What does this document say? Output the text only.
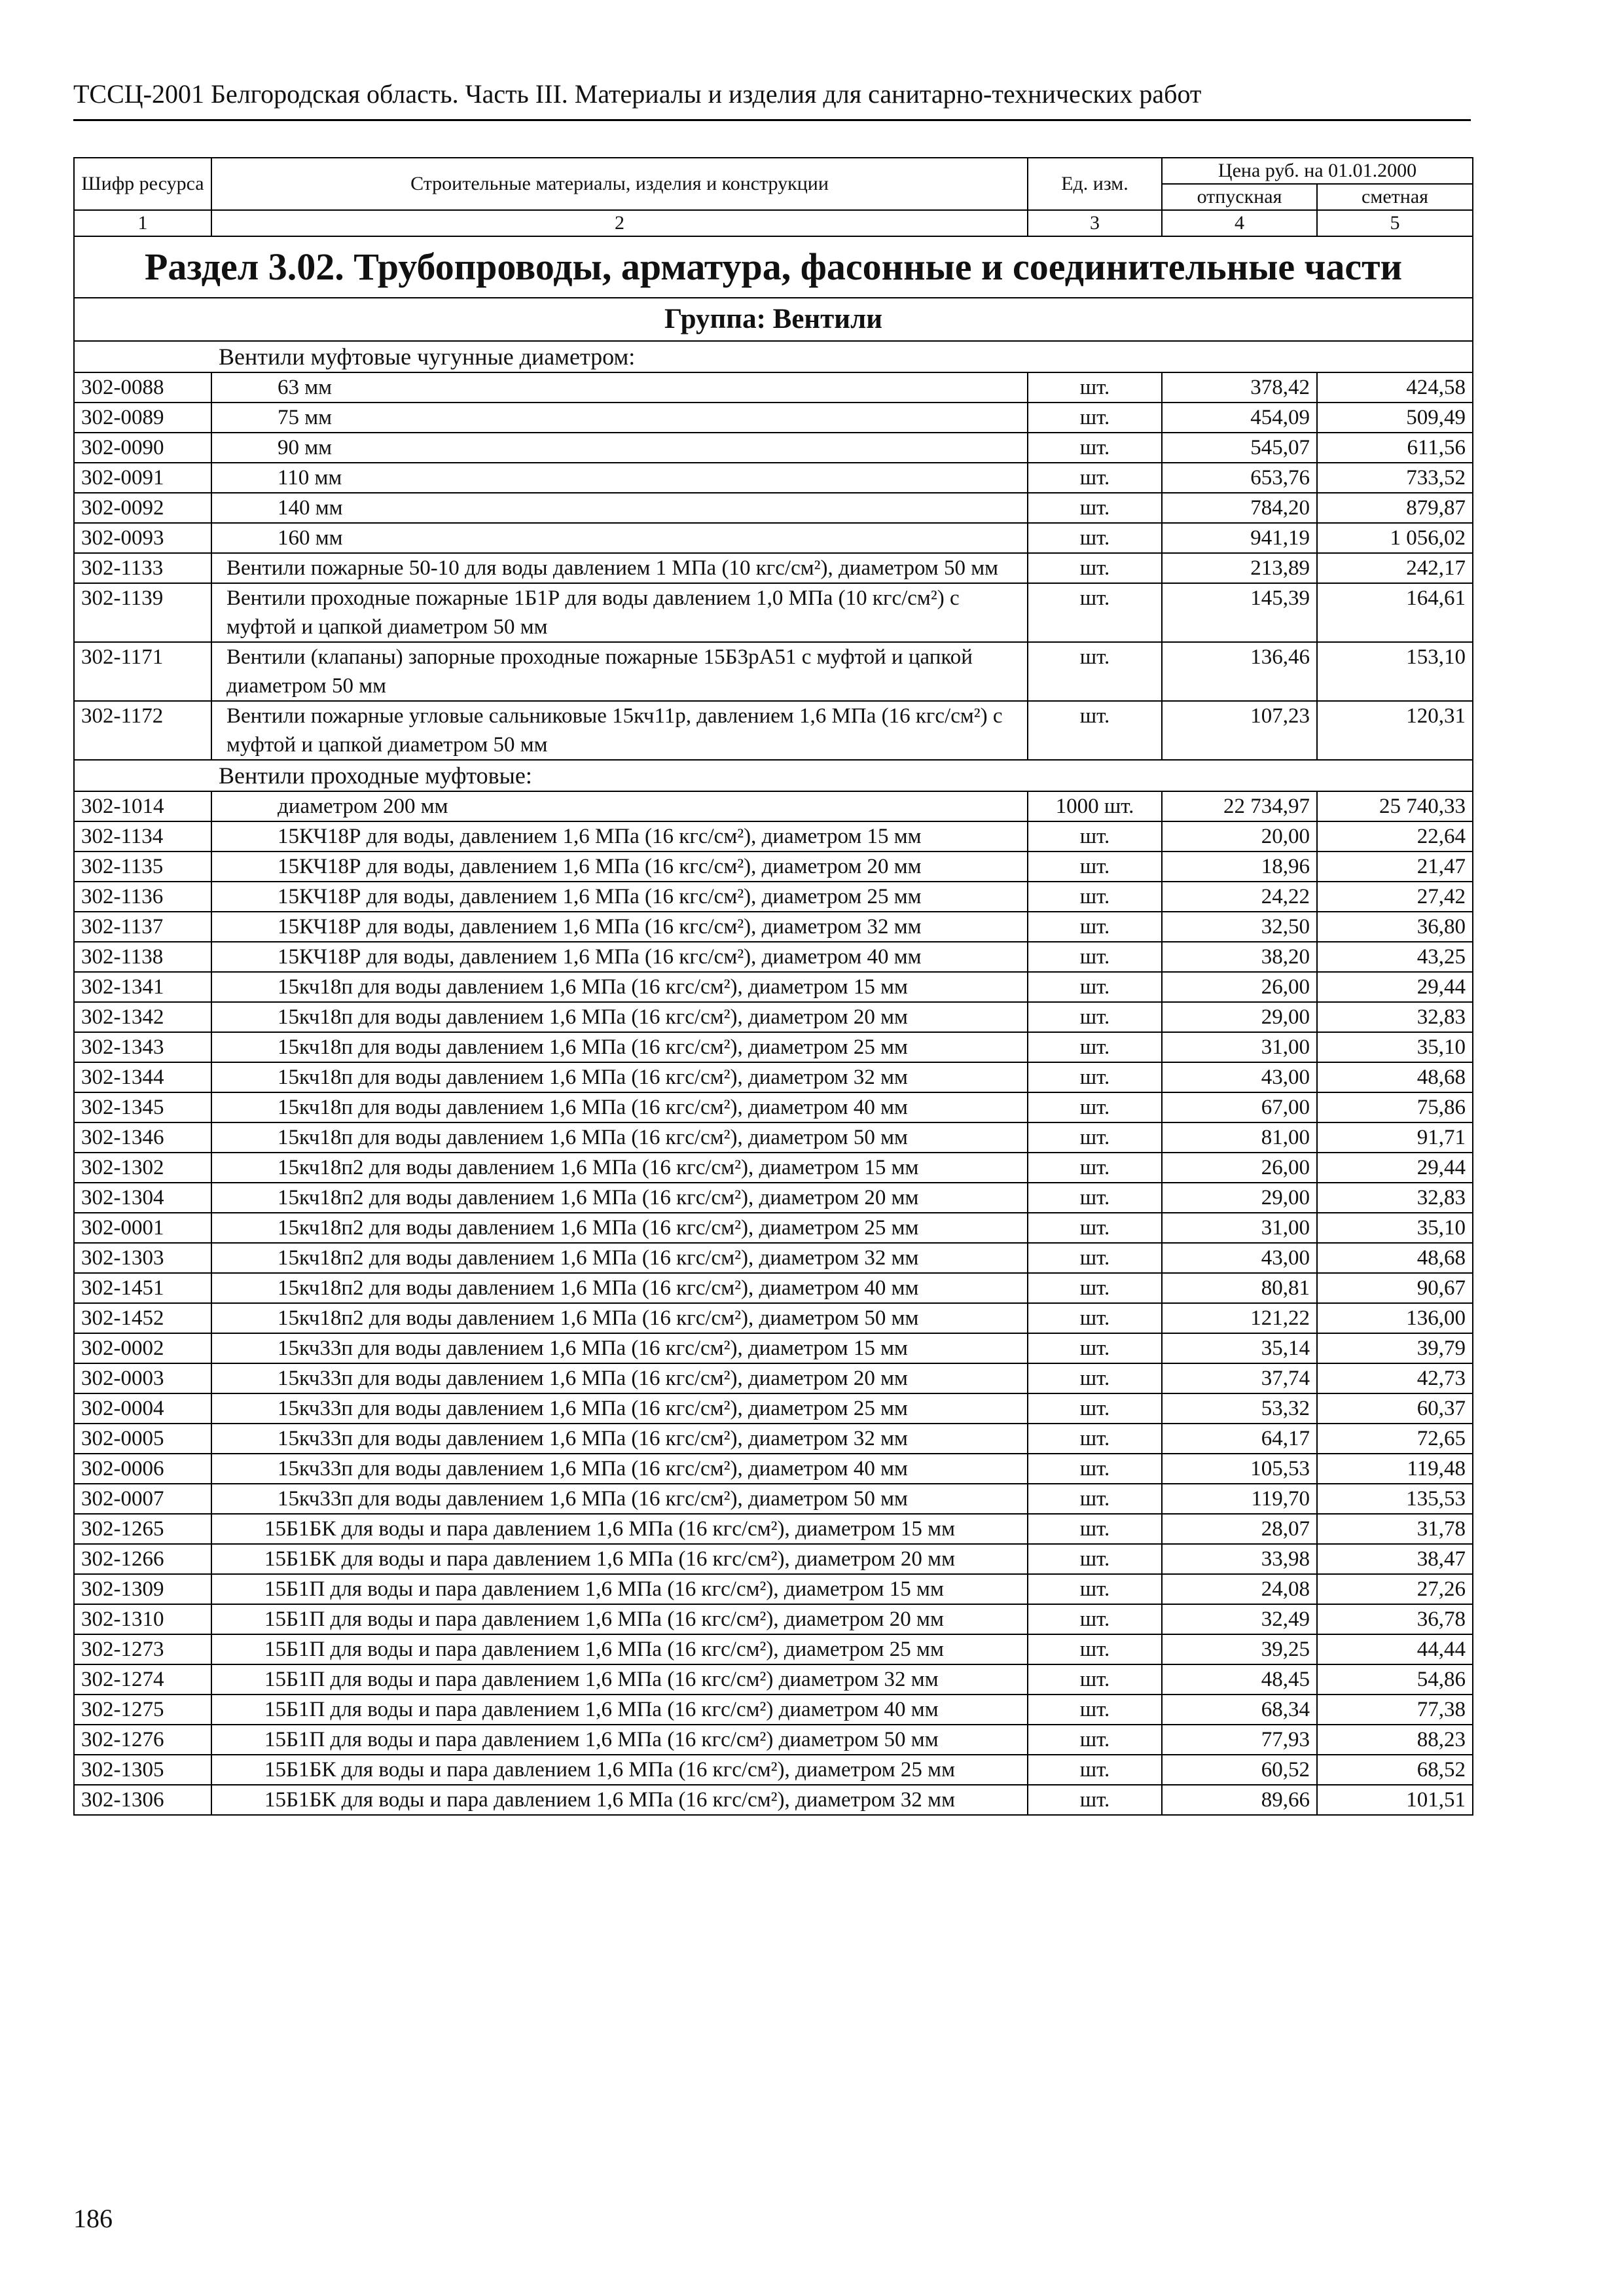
ТССЦ-2001 Белгородская область. Часть III. Материалы и изделия для санитарно-технических работ
Шифр ресурса	Строительные материалы, изделия и конструкции	Ед. изм.	Цена руб. на 01.01.2000	
			отпускная	сметная
1	2	3	4	5
Раздел 3.02. Трубопроводы, арматура, фасонные и соединительные части				
Группа: Вентили				
Вентили муфтовые чугунные диаметром:				
302-0088	63 мм	шт.	378,42	424,58
302-0089	75 мм	шт.	454,09	509,49
302-0090	90 мм	шт.	545,07	611,56
302-0091	110 мм	шт.	653,76	733,52
302-0092	140 мм	шт.	784,20	879,87
302-0093	160 мм	шт.	941,19	1 056,02
302-1133	Вентили пожарные 50-10 для воды давлением 1 МПа (10 кгс/см²), диаметром 50 мм	шт.	213,89	242,17
302-1139	Вентили проходные пожарные 1Б1Р для воды давлением 1,0 МПа (10 кгс/см²) с муфтой и цапкой диаметром 50 мм	шт.	145,39	164,61
302-1171	Вентили (клапаны) запорные проходные пожарные 15Б3рА51 с муфтой и цапкой диаметром 50 мм	шт.	136,46	153,10
302-1172	Вентили пожарные угловые сальниковые 15кч11р, давлением 1,6 МПа (16 кгс/см²) с муфтой и цапкой диаметром 50 мм	шт.	107,23	120,31
Вентили проходные муфтовые:				
302-1014	диаметром 200 мм	1000 шт.	22 734,97	25 740,33
302-1134	15КЧ18Р для воды, давлением 1,6 МПа (16 кгс/см²), диаметром 15 мм	шт.	20,00	22,64
302-1135	15КЧ18Р для воды, давлением 1,6 МПа (16 кгс/см²), диаметром 20 мм	шт.	18,96	21,47
302-1136	15КЧ18Р для воды, давлением 1,6 МПа (16 кгс/см²), диаметром 25 мм	шт.	24,22	27,42
302-1137	15КЧ18Р для воды, давлением 1,6 МПа (16 кгс/см²), диаметром 32 мм	шт.	32,50	36,80
302-1138	15КЧ18Р для воды, давлением 1,6 МПа (16 кгс/см²), диаметром 40 мм	шт.	38,20	43,25
302-1341	15кч18п для воды давлением 1,6 МПа (16 кгс/см²), диаметром 15 мм	шт.	26,00	29,44
302-1342	15кч18п для воды давлением 1,6 МПа (16 кгс/см²), диаметром 20 мм	шт.	29,00	32,83
302-1343	15кч18п для воды давлением 1,6 МПа (16 кгс/см²), диаметром 25 мм	шт.	31,00	35,10
302-1344	15кч18п для воды давлением 1,6 МПа (16 кгс/см²), диаметром 32 мм	шт.	43,00	48,68
302-1345	15кч18п для воды давлением 1,6 МПа (16 кгс/см²), диаметром 40 мм	шт.	67,00	75,86
302-1346	15кч18п для воды давлением 1,6 МПа (16 кгс/см²), диаметром 50 мм	шт.	81,00	91,71
302-1302	15кч18п2 для воды давлением 1,6 МПа (16 кгс/см²), диаметром 15 мм	шт.	26,00	29,44
302-1304	15кч18п2 для воды давлением 1,6 МПа (16 кгс/см²), диаметром 20 мм	шт.	29,00	32,83
302-0001	15кч18п2 для воды давлением 1,6 МПа (16 кгс/см²), диаметром 25 мм	шт.	31,00	35,10
302-1303	15кч18п2 для воды давлением 1,6 МПа (16 кгс/см²), диаметром 32 мм	шт.	43,00	48,68
302-1451	15кч18п2 для воды давлением 1,6 МПа (16 кгс/см²), диаметром 40 мм	шт.	80,81	90,67
302-1452	15кч18п2 для воды давлением 1,6 МПа (16 кгс/см²), диаметром 50 мм	шт.	121,22	136,00
302-0002	15кч33п для воды давлением 1,6 МПа (16 кгс/см²), диаметром 15 мм	шт.	35,14	39,79
302-0003	15кч33п для воды давлением 1,6 МПа (16 кгс/см²), диаметром 20 мм	шт.	37,74	42,73
302-0004	15кч33п для воды давлением 1,6 МПа (16 кгс/см²), диаметром 25 мм	шт.	53,32	60,37
302-0005	15кч33п для воды давлением 1,6 МПа (16 кгс/см²), диаметром 32 мм	шт.	64,17	72,65
302-0006	15кч33п для воды давлением 1,6 МПа (16 кгс/см²), диаметром 40 мм	шт.	105,53	119,48
302-0007	15кч33п для воды давлением 1,6 МПа (16 кгс/см²), диаметром 50 мм	шт.	119,70	135,53
302-1265	15Б1БК для воды и пара давлением 1,6 МПа (16 кгс/см²), диаметром 15 мм	шт.	28,07	31,78
302-1266	15Б1БК для воды и пара давлением 1,6 МПа (16 кгс/см²), диаметром 20 мм	шт.	33,98	38,47
302-1309	15Б1П для воды и пара давлением 1,6 МПа (16 кгс/см²), диаметром 15 мм	шт.	24,08	27,26
302-1310	15Б1П для воды и пара давлением 1,6 МПа (16 кгс/см²), диаметром 20 мм	шт.	32,49	36,78
302-1273	15Б1П для воды и пара давлением 1,6 МПа (16 кгс/см²), диаметром 25 мм	шт.	39,25	44,44
302-1274	15Б1П для воды и пара давлением 1,6 МПа (16 кгс/см²) диаметром 32 мм	шт.	48,45	54,86
302-1275	15Б1П для воды и пара давлением 1,6 МПа (16 кгс/см²) диаметром 40 мм	шт.	68,34	77,38
302-1276	15Б1П для воды и пара давлением 1,6 МПа (16 кгс/см²) диаметром 50 мм	шт.	77,93	88,23
302-1305	15Б1БК для воды и пара давлением 1,6 МПа (16 кгс/см²), диаметром 25 мм	шт.	60,52	68,52
302-1306	15Б1БК для воды и пара давлением 1,6 МПа (16 кгс/см²), диаметром 32 мм	шт.	89,66	101,51
186
